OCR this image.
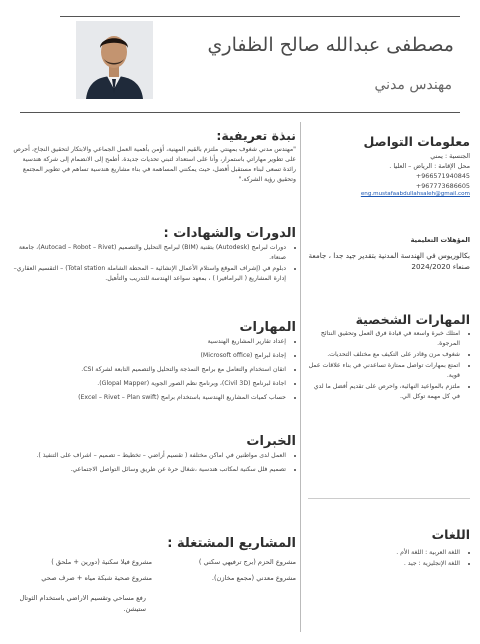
مصطفى عبدالله صالح الظفاري
مهندس مدني
نبذة تعريفية:
"مهندس مدني شغوف بمهنتي ملتزم بالقيم المهنية، أؤمن بأهمية العمل الجماعي والابتكار لتحقيق النجاح، أحرص على تطوير مهاراتي باستمرار، وأنا على استعداد لتبني تحديات جديدة. أطمح إلى الانضمام إلى شركة هندسية رائدة تسعى لبناء مستقبل أفضل، حيث يمكنني المساهمة في بناء مشاريع هندسية تساهم في تطوير المجتمع وتحقيق رؤية الشركة."
الدورات والشهادات :
• دورات لبرامج (Autodesk) بتقنية (BIM) لبرامج التحليل والتصميم (Autocad – Robot – Rivet)، جامعة صنعاء.
• دبلوم في (إشراف الموقع واستلام الأعمال الإنشائية – المحطة الشاملة Total station) – التقسيم العقاري–إدارة المشاريع ( البرامافيرا ) ، بمعهد سواعد الهندسة للتدريب والتأهيل.
المهارات
• إعداد تقارير المشاريع الهندسية
• إجادة لبرامج (Microsoft office)
• اتقان استخدام والتعامل مع برامج النمذجة والتحليل والتصميم التابعة لشركة CSI.
• اجادة لبرنامج (Civil 3D)، وبرنامج نظم الصور الجوية (Glopal Mapper).
• حساب كميات المشاريع الهندسية باستخدام برامج (Excel – Rivet – Plan swift)
الخبرات
• العمل لدى مواطنين في اماكن مختلفة ( تقسيم أراضي – تخطيط – تصميم – اشراف على التنفيذ ).
• تصميم فلل سكنية لمكاتب هندسية ،شغال حرة عن طريق وسائل التواصل الاجتماعي.
المشاريع المشتغلة :
مشروع الحزم (برج ترفيهي سكني )
مشروع معدني (مجمع مخازن).
مشروع فيلا سكنية (دورين + ملحق )
مشروع صحية شبكة مياه + صرف صحي
رفع مساحي وتقسيم الاراضي باستخدام الثوتال ستيشن.
معلومات التواصل
الجنسية : يمني
محل الإقامة : الرياض – العليا .
+966571940845
+967773686605
eng.mustafaabdullahsaleh@gmail.com
المؤهلات التعليمية
بكالوريوس في الهندسة المدنية بتقدير جيد جدا ، جامعة صنعاء 2024/2020
المهارات الشخصية
• امتلك خبرة واسعة في قيادة فرق العمل وتحقيق النتائج المرجوة.
• شغوف مرن وقادر على التكيف مع مختلف التحديات.
• اتمتع بمهارات تواصل ممتازة تساعدني في بناء علاقات عمل قوية.
• ملتزم بالمواعيد النهائية، واحرص على تقديم أفضل ما لدي في كل مهمة توكل الي.
اللغات
• اللغة العربية : اللغة الأم .
• اللغة الإنجليزية : جيد .
